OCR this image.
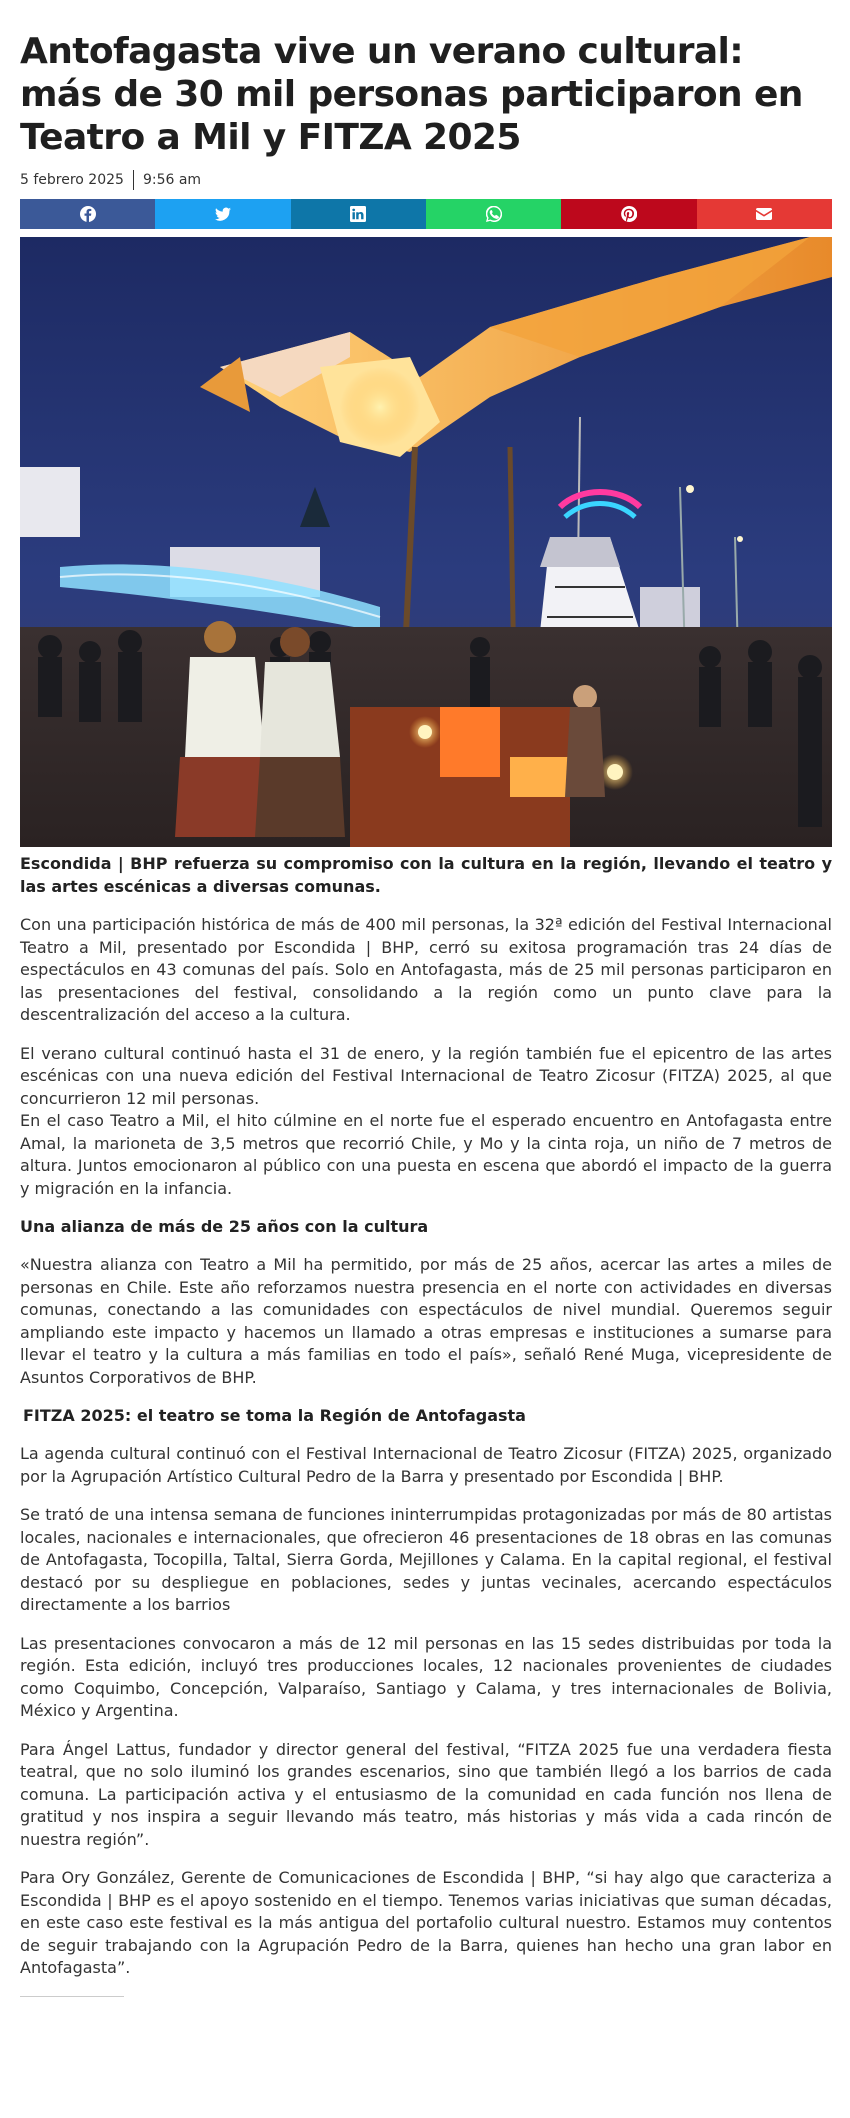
Antofagasta vive un verano cultural: más de 30 mil personas participaron en Teatro a Mil y FITZA 2025
5 febrero 2025 9:56 am

Escondida | BHP refuerza su compromiso con la cultura en la región, llevando el teatro y las artes escénicas a diversas comunas.

Con una participación histórica de más de 400 mil personas, la 32ª edición del Festival Internacional Teatro a Mil, presentado por Escondida | BHP, cerró su exitosa programación tras 24 días de espectáculos en 43 comunas del país. Solo en Antofagasta, más de 25 mil personas participaron en las presentaciones del festival, consolidando a la región como un punto clave para la descentralización del acceso a la cultura.

El verano cultural continuó hasta el 31 de enero, y la región también fue el epicentro de las artes escénicas con una nueva edición del Festival Internacional de Teatro Zicosur (FITZA) 2025, al que concurrieron 12 mil personas.

En el caso Teatro a Mil, el hito cúlmine en el norte fue el esperado encuentro en Antofagasta entre Amal, la marioneta de 3,5 metros que recorrió Chile, y Mo y la cinta roja, un niño de 7 metros de altura. Juntos emocionaron al público con una puesta en escena que abordó el impacto de la guerra y migración en la infancia.

Una alianza de más de 25 años con la cultura

«Nuestra alianza con Teatro a Mil ha permitido, por más de 25 años, acercar las artes a miles de personas en Chile. Este año reforzamos nuestra presencia en el norte con actividades en diversas comunas, conectando a las comunidades con espectáculos de nivel mundial. Queremos seguir ampliando este impacto y hacemos un llamado a otras empresas e instituciones a sumarse para llevar el teatro y la cultura a más familias en todo el país», señaló René Muga, vicepresidente de Asuntos Corporativos de BHP.

FITZA 2025: el teatro se toma la Región de Antofagasta

La agenda cultural continuó con el Festival Internacional de Teatro Zicosur (FITZA) 2025, organizado por la Agrupación Artístico Cultural Pedro de la Barra y presentado por Escondida | BHP.

Se trató de una intensa semana de funciones ininterrumpidas protagonizadas por más de 80 artistas locales, nacionales e internacionales, que ofrecieron 46 presentaciones de 18 obras en las comunas de Antofagasta, Tocopilla, Taltal, Sierra Gorda, Mejillones y Calama. En la capital regional, el festival destacó por su despliegue en poblaciones, sedes y juntas vecinales, acercando espectáculos directamente a los barrios

Las presentaciones convocaron a más de 12 mil personas en las 15 sedes distribuidas por toda la región. Esta edición, incluyó tres producciones locales, 12 nacionales provenientes de ciudades como Coquimbo, Concepción, Valparaíso, Santiago y Calama, y tres internacionales de Bolivia, México y Argentina.

Para Ángel Lattus, fundador y director general del festival, “FITZA 2025 fue una verdadera fiesta teatral, que no solo iluminó los grandes escenarios, sino que también llegó a los barrios de cada comuna. La participación activa y el entusiasmo de la comunidad en cada función nos llena de gratitud y nos inspira a seguir llevando más teatro, más historias y más vida a cada rincón de nuestra región”.

Para Ory González, Gerente de Comunicaciones de Escondida | BHP, “si hay algo que caracteriza a Escondida | BHP es el apoyo sostenido en el tiempo. Tenemos varias iniciativas que suman décadas, en este caso este festival es la más antigua del portafolio cultural nuestro. Estamos muy contentos de seguir trabajando con la Agrupación Pedro de la Barra, quienes han hecho una gran labor en Antofagasta”.
